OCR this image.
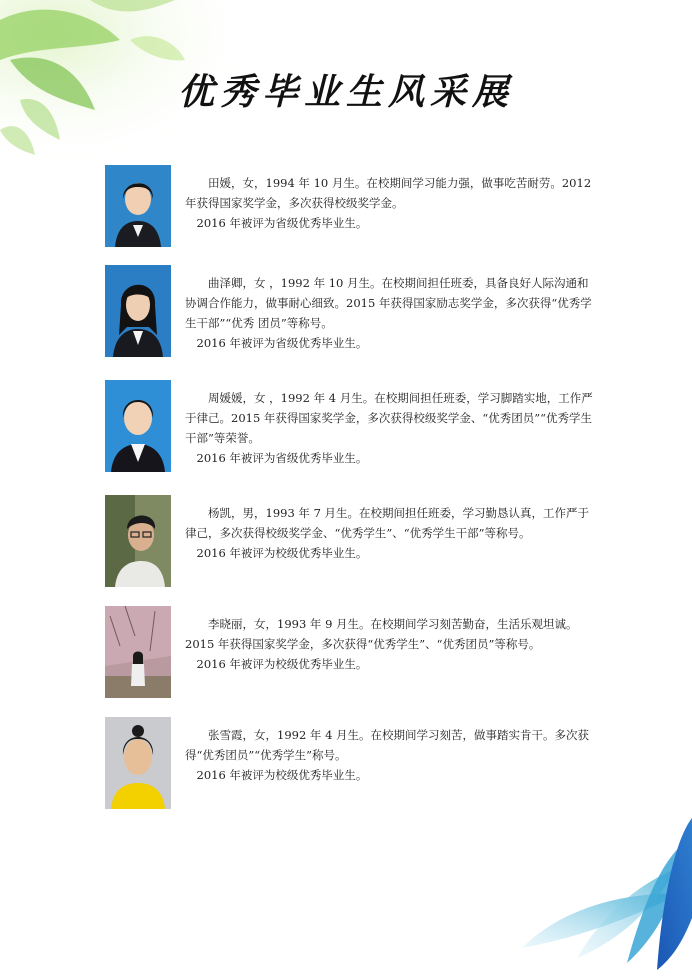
优秀毕业生风采展

田媛，女，1994 年 10 月生。在校期间学习能力强，做事吃苦耐劳。2012 年获得国家奖学金，多次获得校级奖学金。

2016 年被评为省级优秀毕业生。

曲泽卿，女 ，1992 年 10 月生。在校期间担任班委，具备良好人际沟通和协调合作能力，做事耐心细致。2015 年获得国家励志奖学金，多次获得“优秀学生干部”“优秀 团员”等称号。

2016 年被评为省级优秀毕业生。

周媛媛，女 ，1992 年 4 月生。在校期间担任班委，学习脚踏实地，工作严于律己。2015 年获得国家奖学金，多次获得校级奖学金、“优秀团员”“优秀学生干部”等荣誉。

2016 年被评为省级优秀毕业生。

杨凯，男，1993 年 7 月生。在校期间担任班委，学习勤恳认真，工作严于律己，多次获得校级奖学金、“优秀学生”、“优秀学生干部”等称号。

2016 年被评为校级优秀毕业生。

李晓丽，女，1993 年 9 月生。在校期间学习刻苦勤奋，生活乐观坦诚。2015 年获得国家奖学金，多次获得“优秀学生”、“优秀团员”等称号。

2016 年被评为校级优秀毕业生。

张雪霞，女，1992 年 4 月生。在校期间学习刻苦，做事踏实肯干。多次获得“优秀团员”“优秀学生”称号。

2016 年被评为校级优秀毕业生。
